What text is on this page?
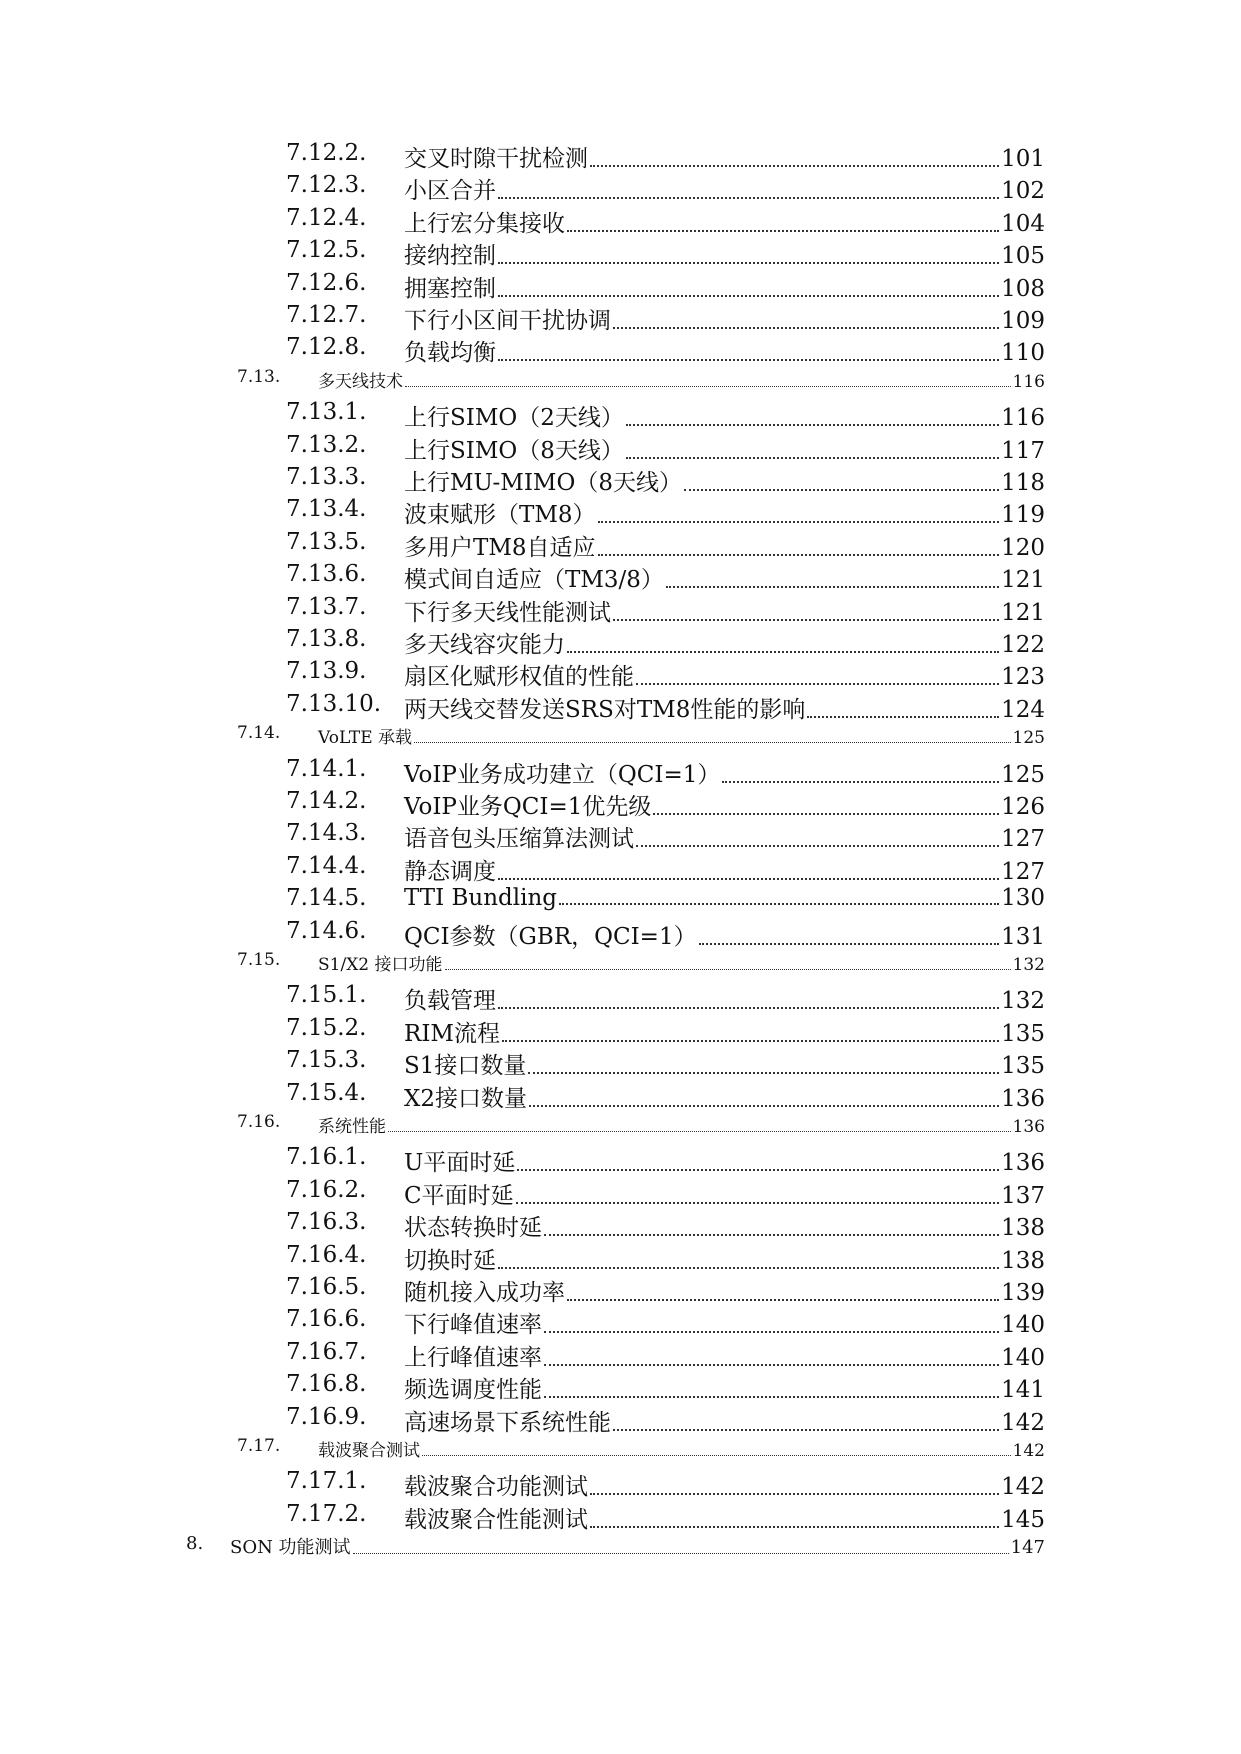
7.12.2. 交叉时隙干扰检测	101
7.12.3. 小区合并	102
7.12.4. 上行宏分集接收	104
7.12.5. 接纳控制	105
7.12.6. 拥塞控制	108
7.12.7. 下行小区间干扰协调	109
7.12.8. 负载均衡	110
7.13. 多天线技术	116
7.13.1. 上行SIMO（2天线）	116
7.13.2. 上行SIMO（8天线）	117
7.13.3. 上行MU-MIMO（8天线）	118
7.13.4. 波束赋形（TM8）	119
7.13.5. 多用户TM8自适应	120
7.13.6. 模式间自适应（TM3/8）	121
7.13.7. 下行多天线性能测试	121
7.13.8. 多天线容灾能力	122
7.13.9. 扇区化赋形权值的性能	123
7.13.10. 两天线交替发送SRS对TM8性能的影响	124
7.14. VoLTE 承载	125
7.14.1. VoIP业务成功建立（QCI=1）	125
7.14.2. VoIP业务QCI=1优先级	126
7.14.3. 语音包头压缩算法测试	127
7.14.4. 静态调度	127
7.14.5. TTI Bundling	130
7.14.6. QCI参数（GBR，QCI=1）	131
7.15. S1/X2 接口功能	132
7.15.1. 负载管理	132
7.15.2. RIM流程	135
7.15.3. S1接口数量	135
7.15.4. X2接口数量	136
7.16. 系统性能	136
7.16.1. U平面时延	136
7.16.2. C平面时延	137
7.16.3. 状态转换时延	138
7.16.4. 切换时延	138
7.16.5. 随机接入成功率	139
7.16.6. 下行峰值速率	140
7.16.7. 上行峰值速率	140
7.16.8. 频选调度性能	141
7.16.9. 高速场景下系统性能	142
7.17. 载波聚合测试	142
7.17.1. 载波聚合功能测试	142
7.17.2. 载波聚合性能测试	145
8. SON 功能测试	147
